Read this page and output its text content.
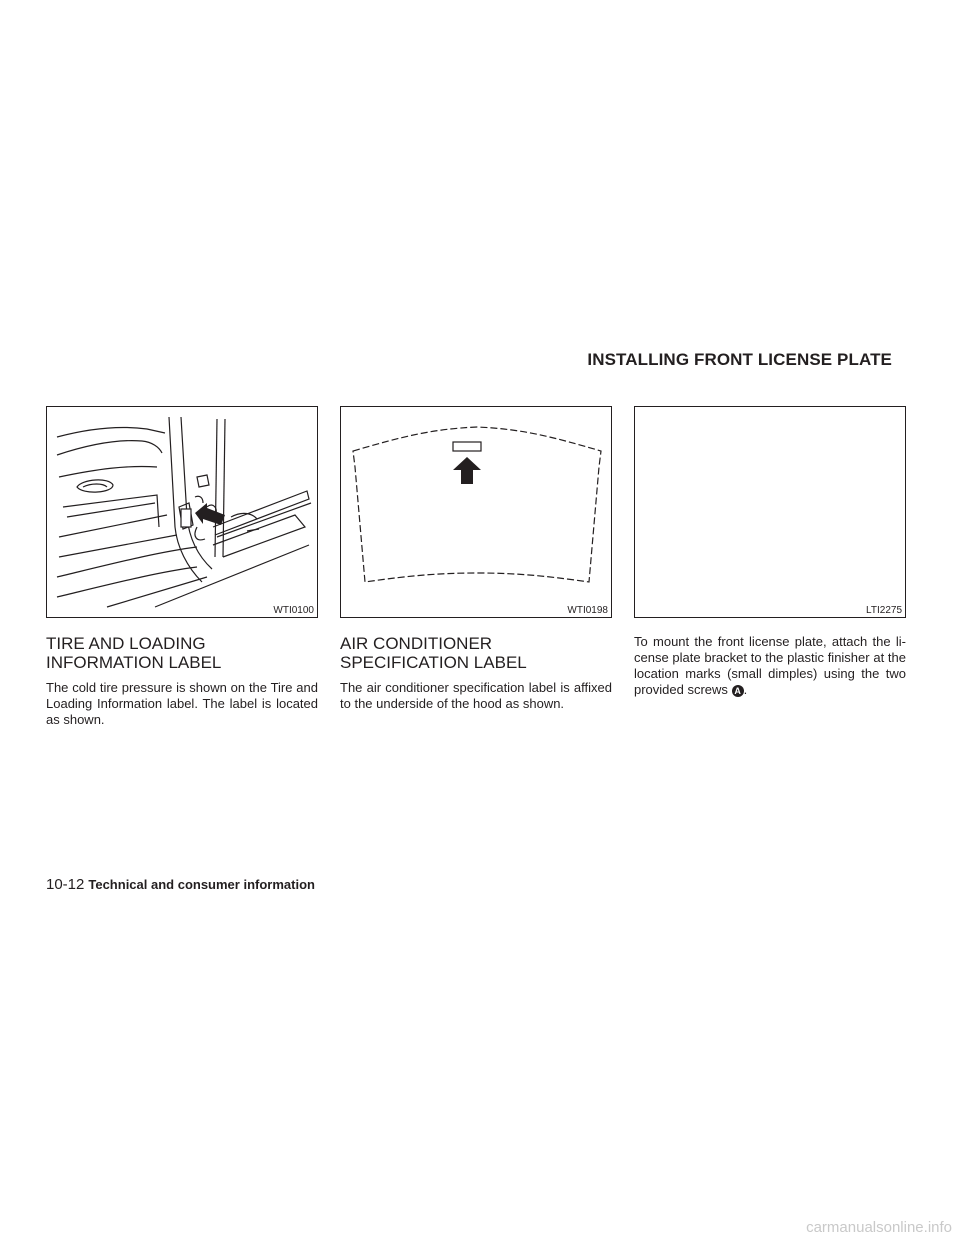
INSTALLING FRONT LICENSE PLATE
WTI0100	WTI0198	LTI2275
TIRE AND LOADING INFORMATION LABEL

The cold tire pressure is shown on the Tire and Loading Information label. The label is located as shown.

AIR CONDITIONER SPECIFICATION LABEL

The air conditioner specification label is affixed to the underside of the hood as shown.

To mount the front license plate, attach the li- cense plate bracket to the plastic finisher at the location marks (small dimples) using the two provided screws A .

10-12 Technical and consumer information
carmanualsonline.info
